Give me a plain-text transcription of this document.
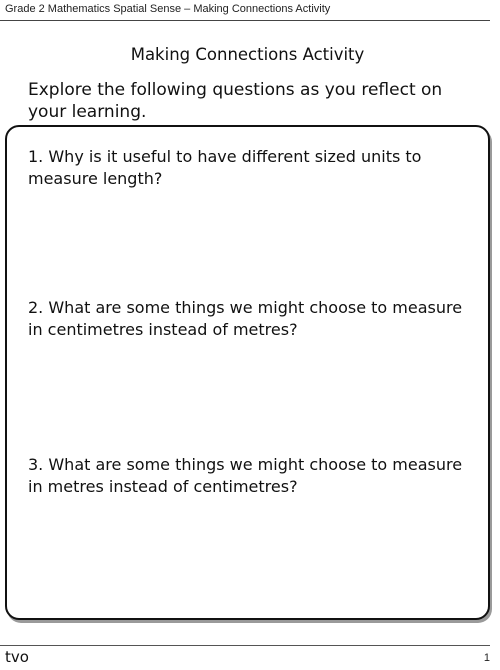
Grade 2 Mathematics Spatial Sense – Making Connections Activity
Making Connections Activity
Explore the following questions as you reflect on your learning.
1. Why is it useful to have different sized units to measure length?
2. What are some things we might choose to measure in centimetres instead of metres?
3. What are some things we might choose to measure in metres instead of centimetres?
tvo	1
